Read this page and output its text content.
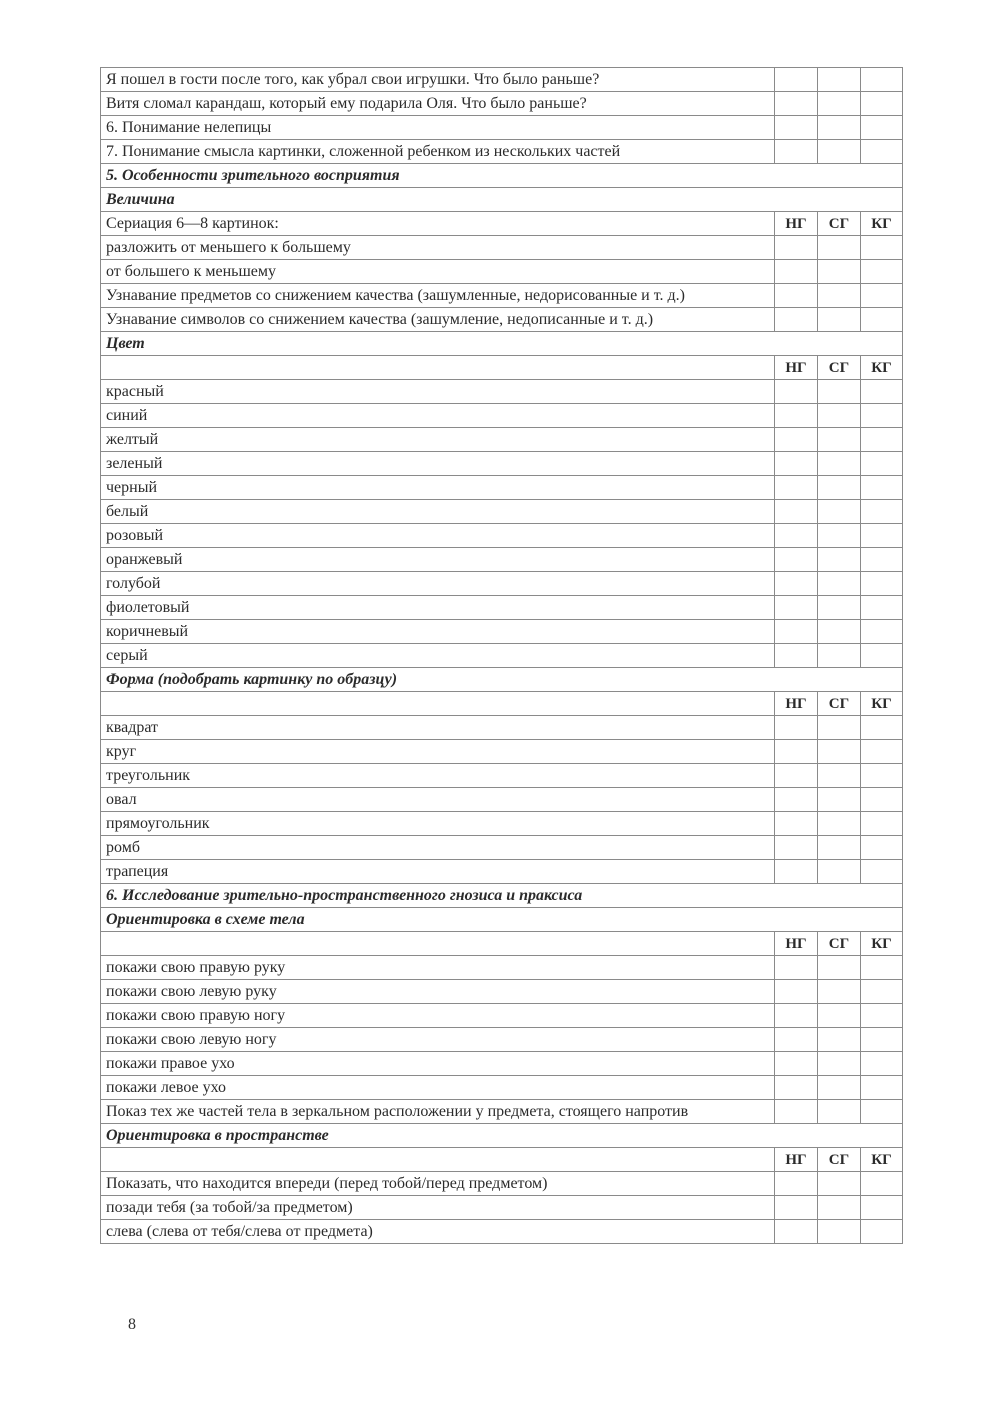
Я пошел в гости после того, как убрал свои игрушки. Что было раньше?			
Витя сломал карандаш, который ему подарила Оля. Что было раньше?			
6. Понимание нелепицы			
7. Понимание смысла картинки, сложенной ребенком из нескольких частей			
5. Особенности зрительного восприятия			
Величина			
Сериация 6—8 картинок:	НГ	СГ	КГ
разложить от меньшего к большему			
от большего к меньшему			
Узнавание предметов со снижением качества (зашумленные, недорисованные и т. д.)			
Узнавание символов со снижением качества (зашумление, недописанные и т. д.)			
Цвет			
	НГ	СГ	КГ
красный			
синий			
желтый			
зеленый			
черный			
белый			
розовый			
оранжевый			
голубой			
фиолетовый			
коричневый			
серый			
Форма (подобрать картинку по образцу)			
	НГ	СГ	КГ
квадрат			
круг			
треугольник			
овал			
прямоугольник			
ромб			
трапеция			
6. Исследование зрительно-пространственного гнозиса и праксиса			
Ориентировка в схеме тела			
	НГ	СГ	КГ
покажи свою правую руку			
покажи свою левую руку			
покажи свою правую ногу			
покажи свою левую ногу			
покажи правое ухо			
покажи левое ухо			
Показ тех же частей тела в зеркальном расположении у предмета, стоящего напротив			
Ориентировка в пространстве			
	НГ	СГ	КГ
Показать, что находится впереди (перед тобой/перед предметом)			
позади тебя (за тобой/за предметом)			
слева (слева от тебя/слева от предмета)			
8
